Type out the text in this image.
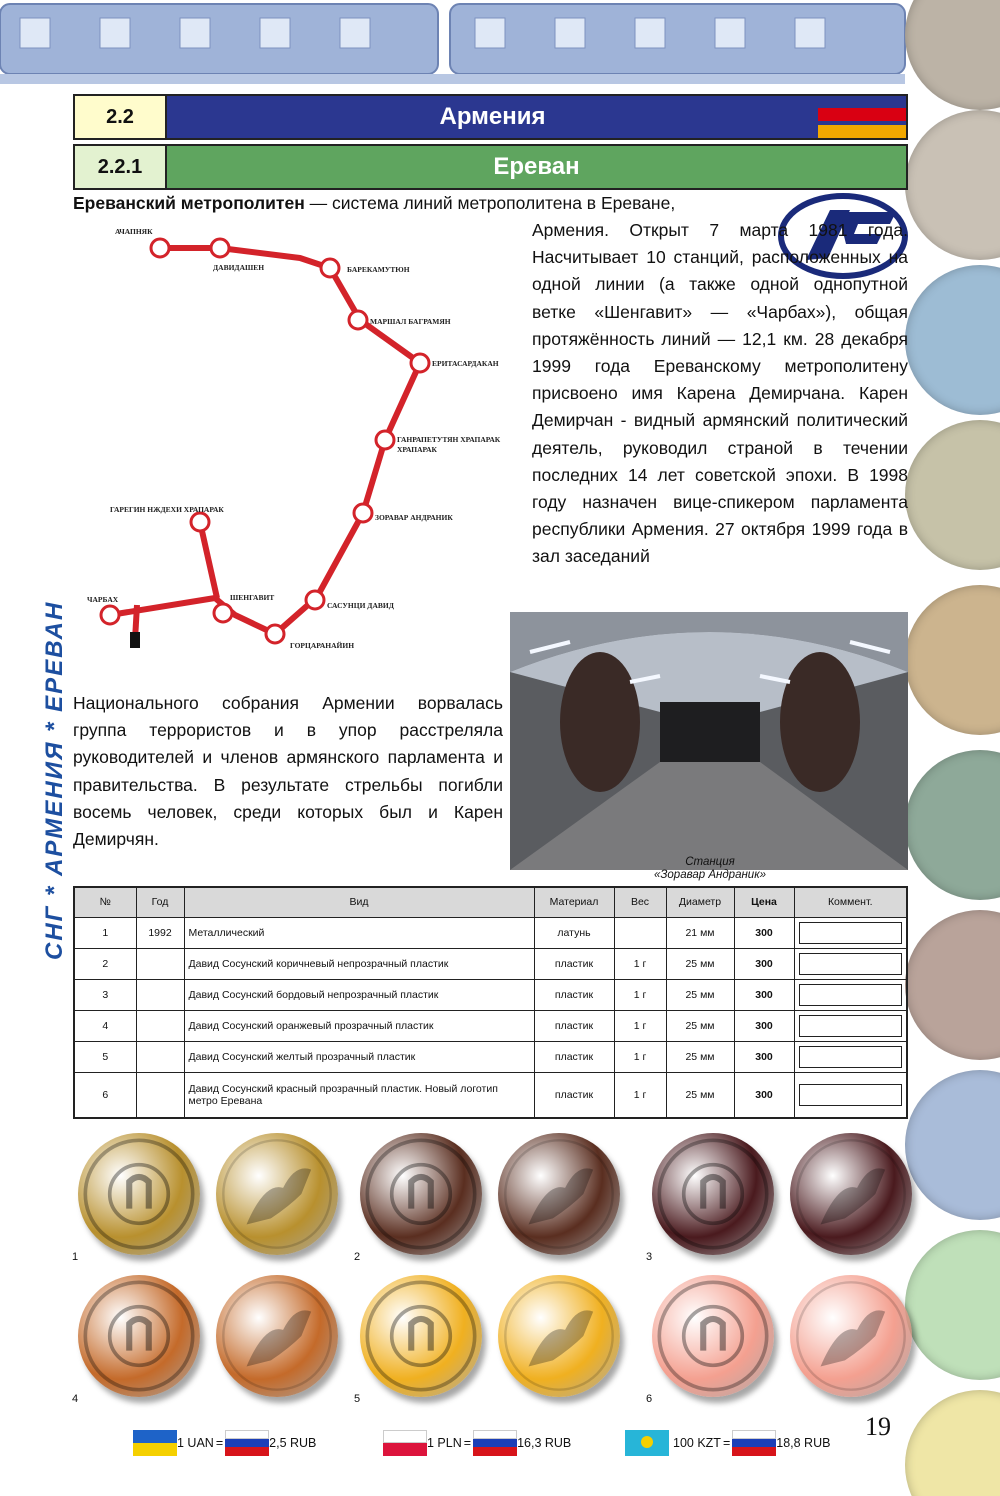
СНГ * АРМЕНИЯ * ЕРЕВАН
2.2	Армения
2.2.1	Ереван
Ереванский метрополитен — система линий метрополитена в Ереване,
Армения. Открыт 7 марта 1981 года. Насчитывает 10 станций, расположенных на одной линии (а также одной однопутной ветке «Шенгавит» — «Чарбах»), общая протяжённость линий — 12,1 км. 28 декабря 1999 года Ереванскому метрополитену присвоено имя Карена Демирчана. Карен Демирчан - видный армянский политический деятель, руководил страной в течении последних 14 лет советской эпохи. В 1998 году назначен вице-спикером парламента республики Армения. 27 октября 1999 года в зал заседаний
АЧАПНЯК
ДАВИДАШЕН	БАРЕКАМУТЮН
МАРШАЛ БАГРАМЯН
ЕРИТАСАРДАКАН
ГАНРАПЕТУТЯН ХРАПАРАК
ХРАПАРАК
ЗОРАВАР АНДРАНИК
САСУНЦИ ДАВИД
ГОРЦАРАНАЙИН
ШЕНГАВИТ
ГАРЕГИН НЖДЕХИ ХРАПАРАК
ЧАРБАХ
Станция
«Зоравар Андраник»
Национального собрания Армении ворвалась группа террористов и в упор расстреляла руководителей и членов армянского парламента и правительства. В результате стрельбы погибли восемь человек, среди которых был и Карен Демирчян.
№	Год	Вид	Материал	Вес	Диаметр	Цена	Коммент.
1	1992	Металлический	латунь		21 мм	300	

2		Давид Сосунский коричневый непрозрачный пластик	пластик	1 г	25 мм	300	

3		Давид Сосунский бордовый непрозрачный пластик	пластик	1 г	25 мм	300	

4		Давид Сосунский оранжевый прозрачный пластик	пластик	1 г	25 мм	300	

5		Давид Сосунский желтый прозрачный пластик	пластик	1 г	25 мм	300	

6		Давид Сосунский красный прозрачный пластик. Новый логотип метро Еревана	пластик	1 г	25 мм	300	
1	2	3
4	5	6
1 UAN =	2,5 RUB	1 PLN =	16,3 RUB	100 KZT =	18,8 RUB
19
